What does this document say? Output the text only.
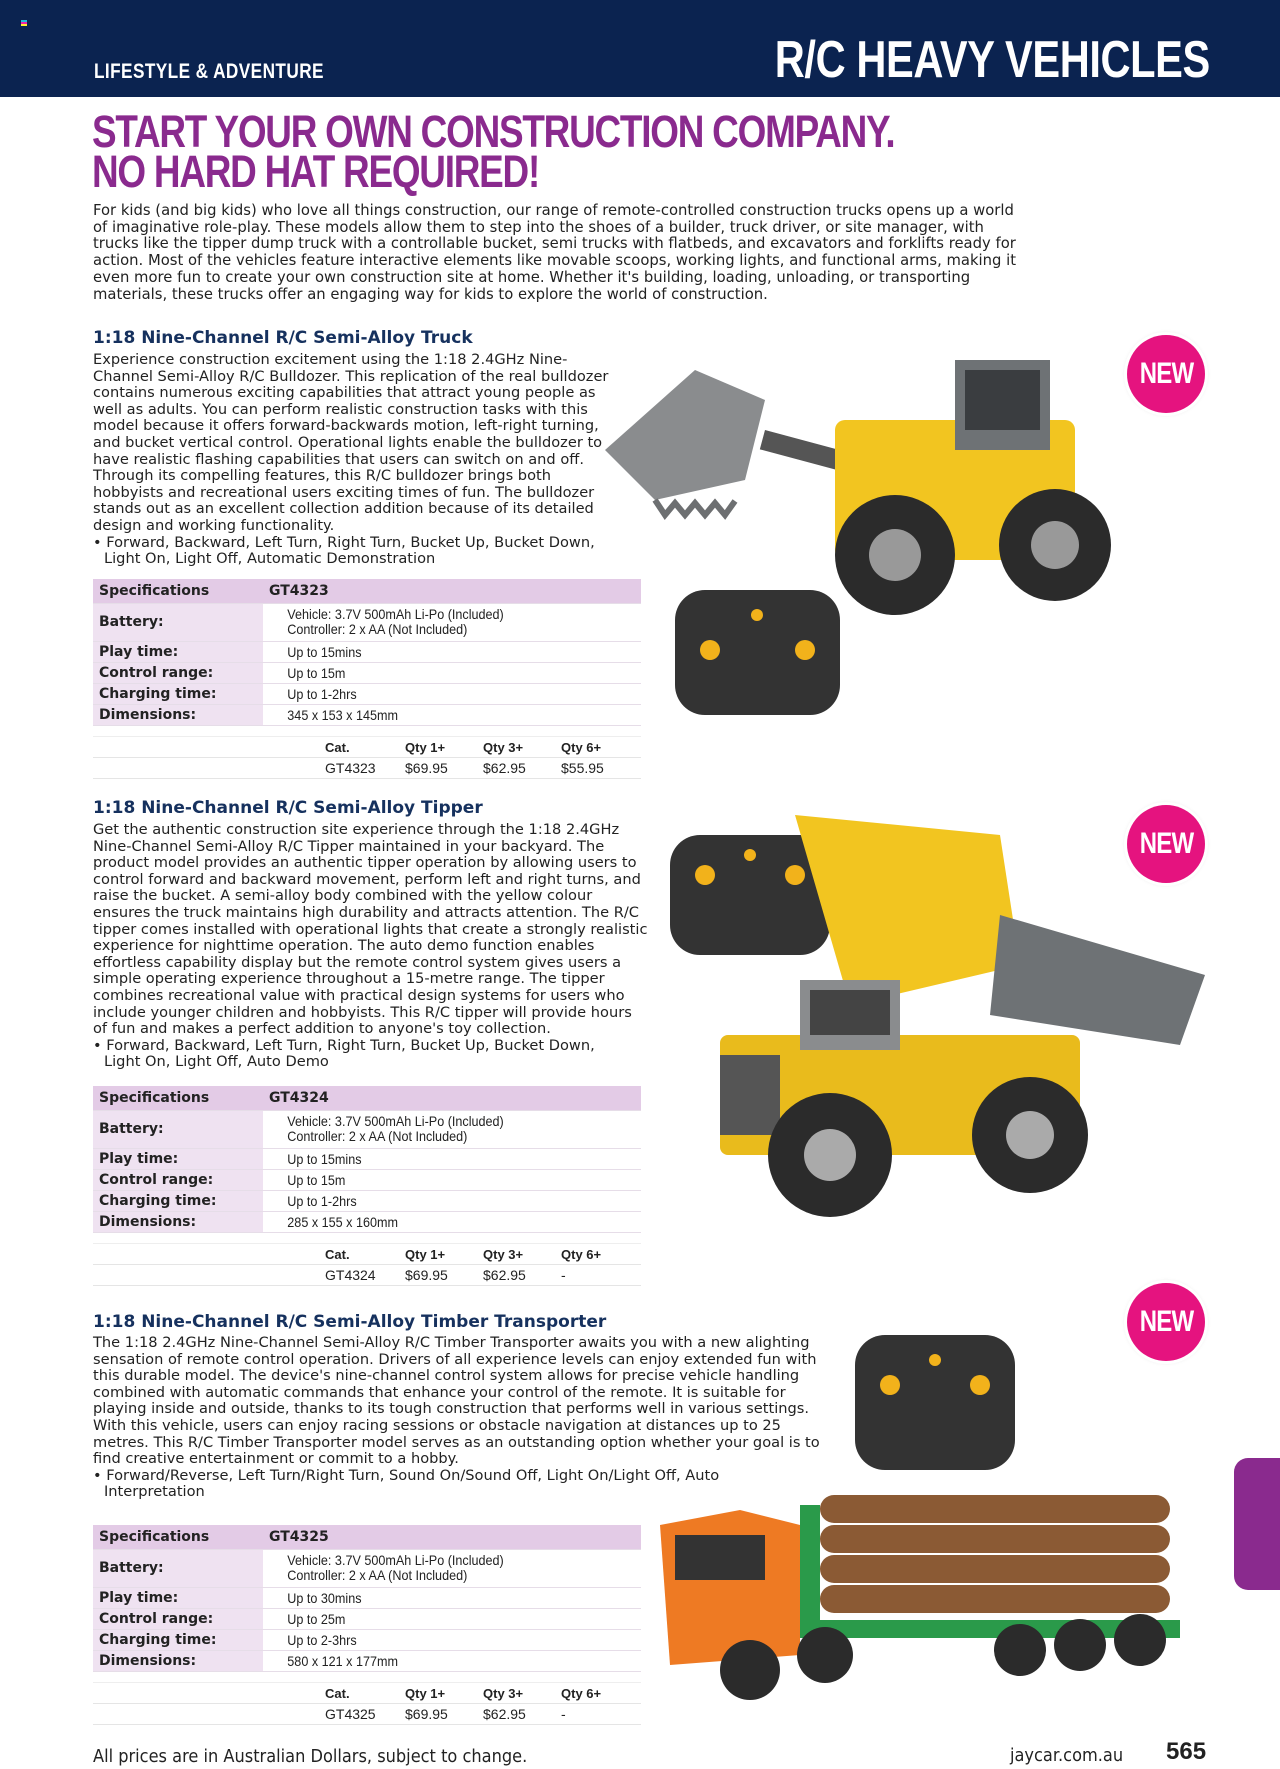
LIFESTYLE & ADVENTURE	R/C HEAVY VEHICLES
START YOUR OWN CONSTRUCTION COMPANY.
NO HARD HAT REQUIRED!
For kids (and big kids) who love all things construction, our range of remote-controlled construction trucks opens up a world of imaginative role-play. These models allow them to step into the shoes of a builder, truck driver, or site manager, with trucks like the tipper dump truck with a controllable bucket, semi trucks with flatbeds, and excavators and forklifts ready for action. Most of the vehicles feature interactive elements like movable scoops, working lights, and functional arms, making it even more fun to create your own construction site at home. Whether it's building, loading, unloading, or transporting materials, these trucks offer an engaging way for kids to explore the world of construction.
1:18 Nine-Channel R/C Semi-Alloy Truck
Experience construction excitement using the 1:18 2.4GHz Nine-Channel Semi-Alloy R/C Bulldozer. This replication of the real bulldozer contains numerous exciting capabilities that attract young people as well as adults. You can perform realistic construction tasks with this model because it offers forward-backwards motion, left-right turning, and bucket vertical control. Operational lights enable the bulldozer to have realistic flashing capabilities that users can switch on and off. Through its compelling features, this R/C bulldozer brings both hobbyists and recreational users exciting times of fun. The bulldozer stands out as an excellent collection addition because of its detailed design and working functionality.
• Forward, Backward, Left Turn, Right Turn, Bucket Up, Bucket Down, Light On, Light Off, Automatic Demonstration
Specifications	GT4323
Battery:	Vehicle: 3.7V 500mAh Li-Po (Included)
Controller: 2 x AA (Not Included)

Play time:	Up to 15mins
Control range:	Up to 15m
Charging time:	Up to 1-2hrs
Dimensions:	345 x 153 x 145mm
	Cat.	Qty 1+	Qty 3+	Qty 6+
	GT4323	$69.95	$62.95	$55.95
NEW
1:18 Nine-Channel R/C Semi-Alloy Tipper
Get the authentic construction site experience through the 1:18 2.4GHz Nine-Channel Semi-Alloy R/C Tipper maintained in your backyard. The product model provides an authentic tipper operation by allowing users to control forward and backward movement, perform left and right turns, and raise the bucket. A semi-alloy body combined with the yellow colour ensures the truck maintains high durability and attracts attention. The R/C tipper comes installed with operational lights that create a strongly realistic experience for nighttime operation. The auto demo function enables effortless capability display but the remote control system gives users a simple operating experience throughout a 15-metre range. The tipper combines recreational value with practical design systems for users who include younger children and hobbyists. This R/C tipper will provide hours of fun and makes a perfect addition to anyone's toy collection.
• Forward, Backward, Left Turn, Right Turn, Bucket Up, Bucket Down, Light On, Light Off, Auto Demo
Specifications	GT4324
Battery:	Vehicle: 3.7V 500mAh Li-Po (Included)
Controller: 2 x AA (Not Included)

Play time:	Up to 15mins
Control range:	Up to 15m
Charging time:	Up to 1-2hrs
Dimensions:	285 x 155 x 160mm
	Cat.	Qty 1+	Qty 3+	Qty 6+
	GT4324	$69.95	$62.95	-
NEW
1:18 Nine-Channel R/C Semi-Alloy Timber Transporter
The 1:18 2.4GHz Nine-Channel Semi-Alloy R/C Timber Transporter awaits you with a new alighting sensation of remote control operation. Drivers of all experience levels can enjoy extended fun with this durable model. The device's nine-channel control system allows for precise vehicle handling combined with automatic commands that enhance your control of the remote. It is suitable for playing inside and outside, thanks to its tough construction that performs well in various settings. With this vehicle, users can enjoy racing sessions or obstacle navigation at distances up to 25 metres. This R/C Timber Transporter model serves as an outstanding option whether your goal is to find creative entertainment or commit to a hobby.
• Forward/Reverse, Left Turn/Right Turn, Sound On/Sound Off, Light On/Light Off, Auto Interpretation
Specifications	GT4325
Battery:	Vehicle: 3.7V 500mAh Li-Po (Included)
Controller: 2 x AA (Not Included)

Play time:	Up to 30mins
Control range:	Up to 25m
Charging time:	Up to 2-3hrs
Dimensions:	580 x 121 x 177mm
	Cat.	Qty 1+	Qty 3+	Qty 6+
	GT4325	$69.95	$62.95	-
NEW
All prices are in Australian Dollars, subject to change.	jaycar.com.au 565
